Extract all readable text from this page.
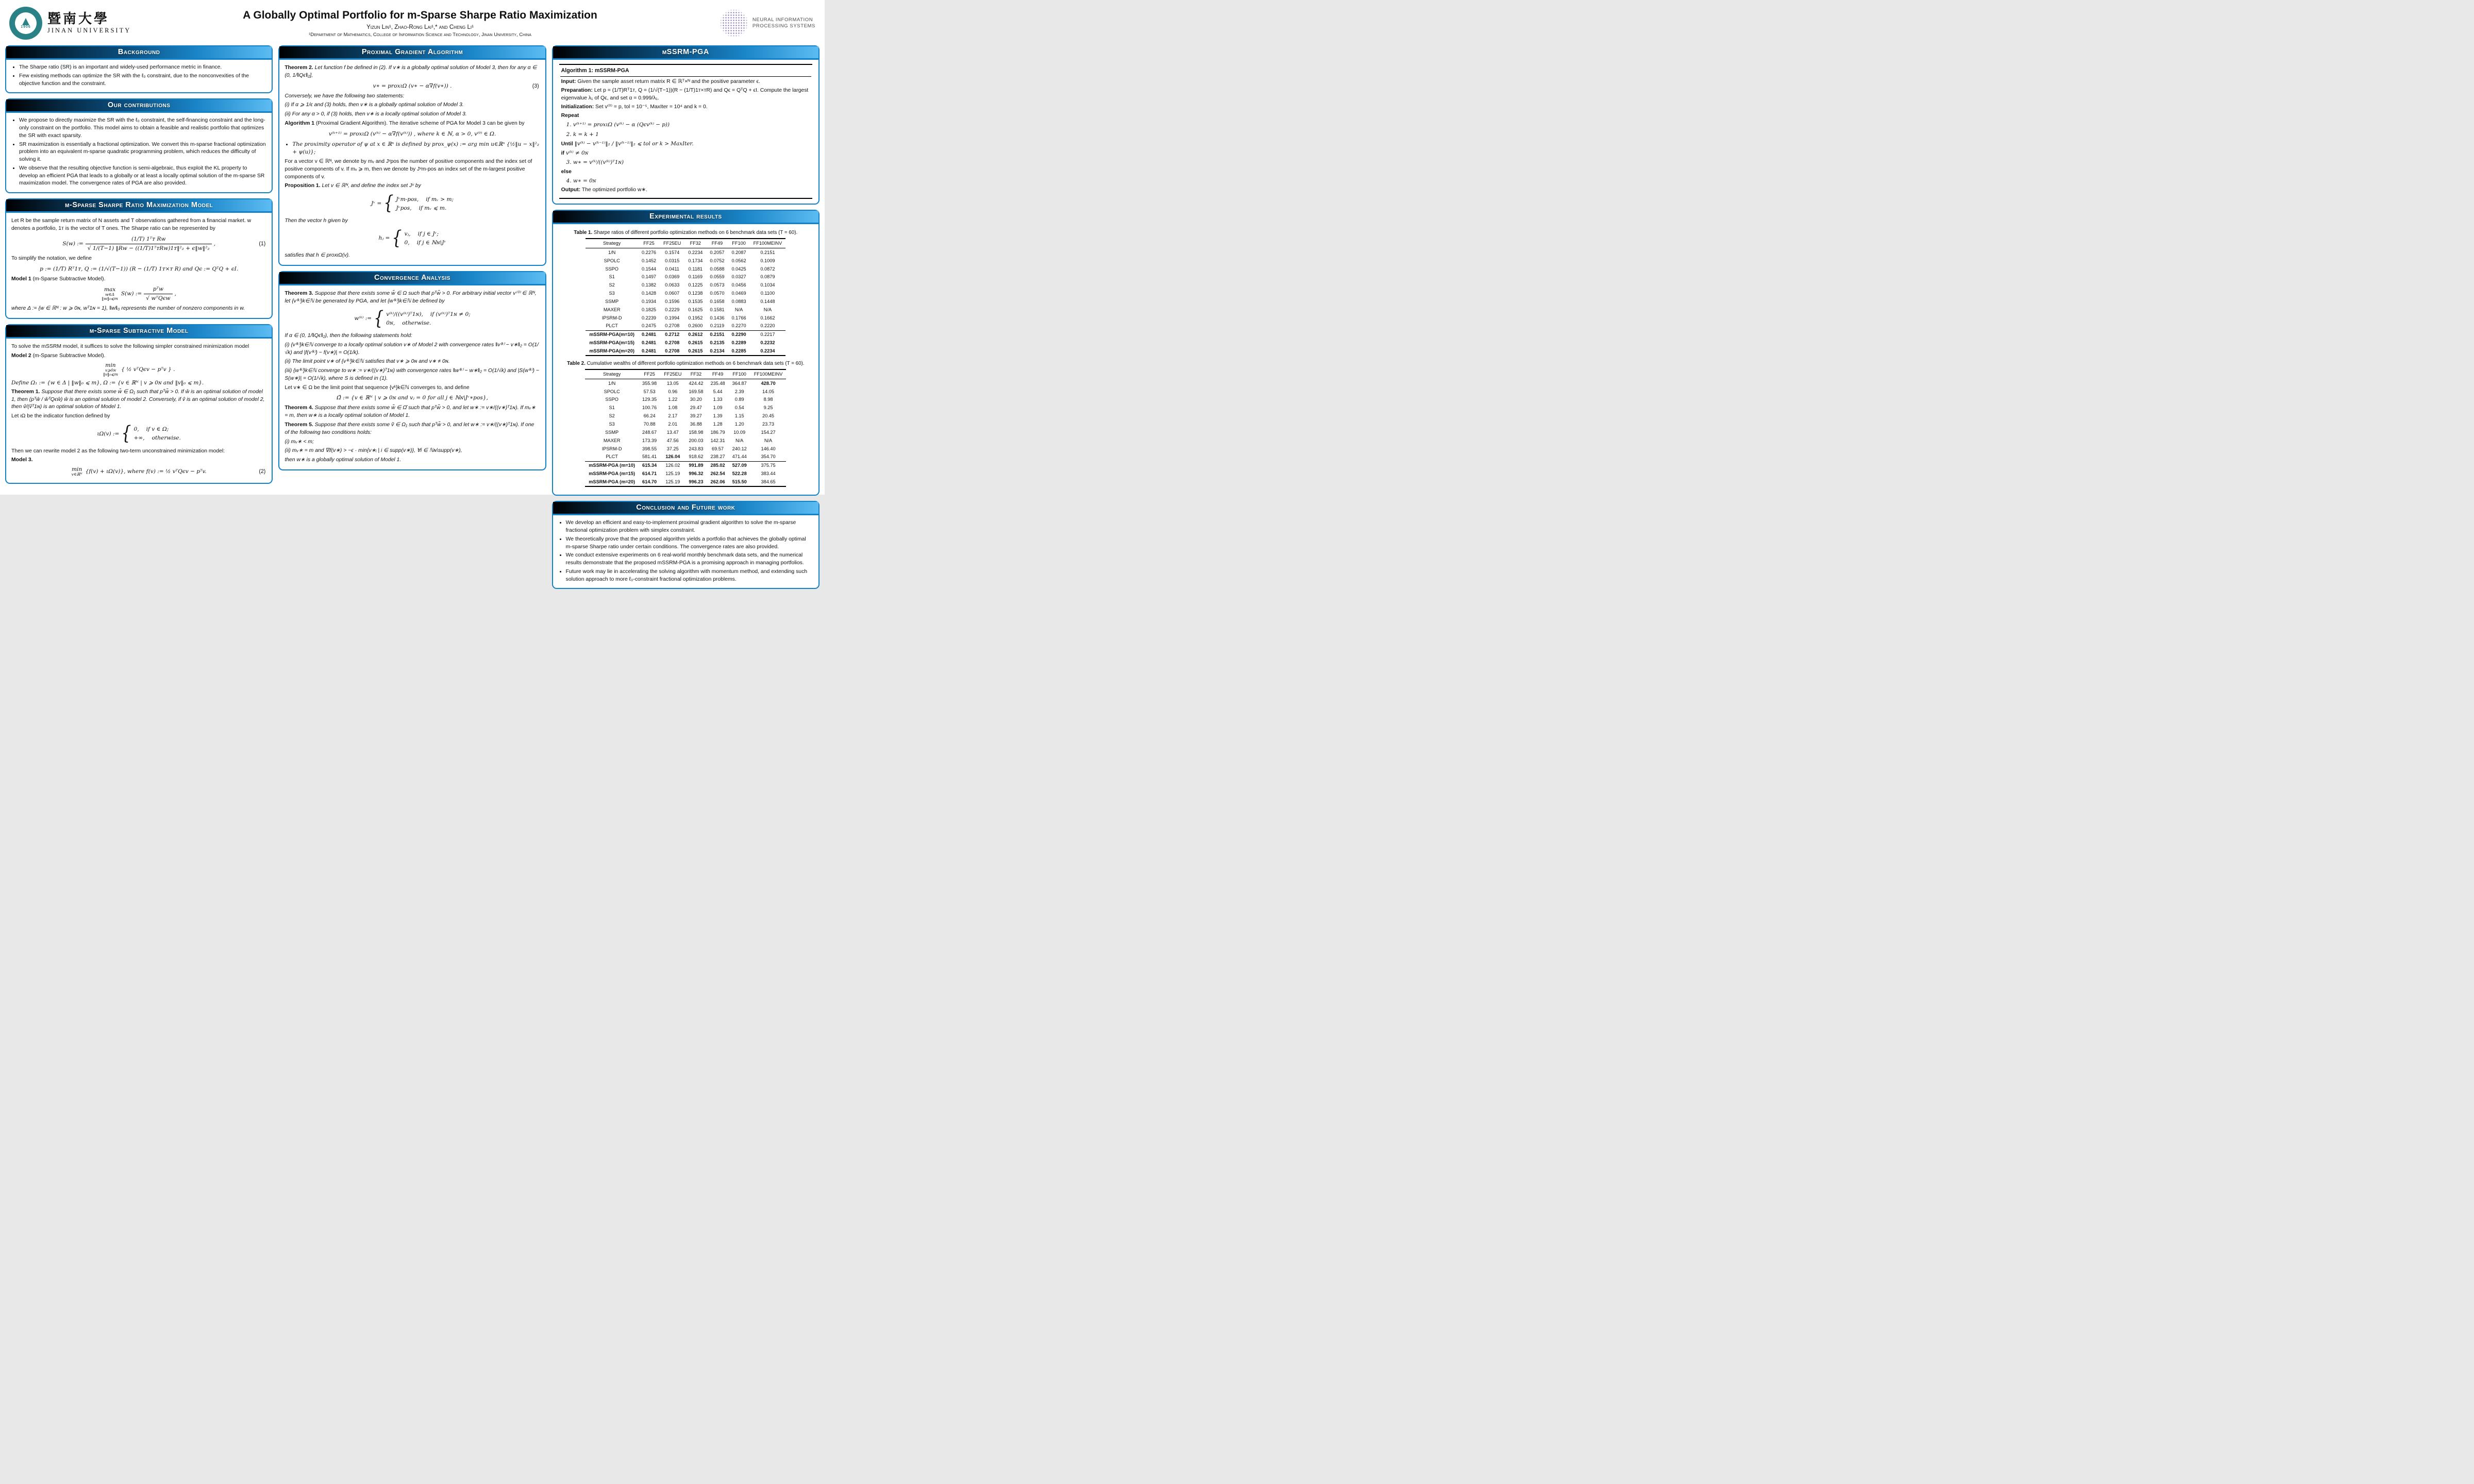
1906
暨南大學
JINAN UNIVERSITY

A Globally Optimal Portfolio for m-Sparse Sharpe Ratio Maximization

Yizun Lin¹, Zhao-Rong Lai¹,* and Cheng Li¹

¹Department of Mathematics, College of Information Science and Technology, Jinan University, China

NEURAL INFORMATION
PROCESSING SYSTEMS
Background
• The Sharpe ratio (SR) is an important and widely-used performance metric in finance.
• Few existing methods can optimize the SR with the ℓ₀ constraint, due to the nonconvexities of the objective function and the constraint.
Our contributions
• We propose to directly maximize the SR with the ℓ₀ constraint, the self-financing constraint and the long-only constraint on the portfolio. This model aims to obtain a feasible and realistic portfolio that optimizes the SR with exact sparsity.
• SR maximization is essentially a fractional optimization. We convert this m-sparse fractional optimization problem into an equivalent m-sparse quadratic programming problem, which reduces the difficulty of solving it.
• We observe that the resulting objective function is semi-algebraic, thus exploit the KL property to develop an efficient PGA that leads to a globally or at least a locally optimal solution of the m-sparse SR maximization model. The convergence rates of PGA are also provided.
m-Sparse Sharpe Ratio Maximization Model

Let R be the sample return matrix of N assets and T observations gathered from a financial market. w denotes a portfolio, 1ᴛ is the vector of T ones. The Sharpe ratio can be represented by

S(w) := $\frac{\text{(1/T) 1ᵀᴛ Rw}}{\text{√ 1/(T−1) ‖Rw − ((1/T)1ᵀᴛRw)1ᴛ‖²₂ + ϵ‖w‖²₂}}$ ,	(1)

To simplify the notation, we define

p := (1/T) Rᵀ1ᴛ, Q := (1/√(T−1)) (R − (1/T) 1ᴛ×ᴛ R) and Qϵ := QᵀQ + ϵI.

Model 1 (m-Sparse Subtractive Model).

max
w∈Δ
‖w‖₀⩽m
S(w) := $\frac{\text{pᵀw}}{\text{√ wᵀQϵw}}$ ,

where Δ := {w ∈ ℝᴺ : w ⩾ 0ɴ, wᵀ1ɴ = 1}, ‖w‖₀ represents the number of nonzero components in w.

m-Sparse Subtractive Model

To solve the mSSRM model, it suffices to solve the following simpler constrained minimization model

Model 2 (m-Sparse Subtractive Model).

min
v⩾0ɴ
‖v‖₀⩽m
{ ½ vᵀQϵv − pᵀv } .

Define Ω₁ := {w ∈ Δ | ‖w‖₀ ⩽ m}, Ω := {v ∈ ℝᴺ | v ⩾ 0ɴ and ‖v‖₀ ⩽ m}.

Theorem 1. Suppose that there exists some w̃ ∈ Ω₁ such that pᵀw̃ > 0. If ŵ is an optimal solution of model 1, then (pᵀŵ / ŵᵀQϵŵ) ŵ is an optimal solution of model 2. Conversely, if v̂ is an optimal solution of model 2, then v̂/(v̂ᵀ1ɴ) is an optimal solution of Model 1.

Let ιΩ be the indicator function defined by

ιΩ(v) := { 0, if v ∈ Ω;
+∞, otherwise.

Then we can rewrite model 2 as the following two-term unconstrained minimization model:

Model 3.

min
v∈ℝᴺ {f(v) + ιΩ(v)}, where f(v) := ½ vᵀQϵv − pᵀv.	(2)
Proximal Gradient Algorithm

Theorem 2. Let function f be defined in (2). If v∗ is a globally optimal solution of Model 3, then for any α ∈ (0, 1/‖Qϵ‖₂],

v∗ = proxιΩ (v∗ − α∇f(v∗)) .	(3)

Conversely, we have the following two statements:

(i) If α ⩾ 1/ϵ and (3) holds, then v∗ is a globally optimal solution of Model 3.

(ii) For any α > 0, if (3) holds, then v∗ is a locally optimal solution of Model 3.

Algorithm 1 (Proximal Gradient Algorithm). The iterative scheme of PGA for Model 3 can be given by

v⁽ᵏ⁺¹⁾ = proxιΩ (v⁽ᵏ⁾ − α∇f(v⁽ᵏ⁾)) , where k ∈ ℕ, α > 0, v⁽⁰⁾ ∈ Ω.
• The proximity operator of ψ at x ∈ ℝⁿ is defined by prox_ψ(x) := arg min u∈ℝⁿ {½‖u − x‖²₂ + ψ(u)};

For a vector v ∈ ℝᴺ, we denote by mᵥ and Jᵛpos the number of positive components and the index set of positive components of v. If mᵥ ⩾ m, then we denote by Jᵛm-pos an index set of the m-largest positive components of v.

Proposition 1. Let v ∈ ℝᴺ, and define the index set Jᵛ by

Jᵛ = { Jᵛm-pos, if mᵥ > m;
Jᵛpos, if mᵥ ⩽ m.

Then the vector h given by

hⱼ = { vⱼ, if j ∈ Jᵛ;
0, if j ∈ ℕɴ\Jᵛ

satisfies that h ∈ proxιΩ(v).

Convergence Analysis

Theorem 3. Suppose that there exists some w̃ ∈ Ω such that pᵀw̃ > 0. For arbitrary initial vector v⁽⁰⁾ ∈ ℝᴺ, let {v⁽ᵏ⁾}k∈ℕ be generated by PGA, and let {w⁽ᵏ⁾}k∈ℕ be defined by

w⁽ᵏ⁾ := { v⁽ᵏ⁾/((v⁽ᵏ⁾)ᵀ1ɴ), if (v⁽ᵏ⁾)ᵀ1ɴ ≠ 0;
0ɴ, otherwise.

If α ∈ (0, 1/‖Qϵ‖₂), then the following statements hold:

(i) {v⁽ᵏ⁾}k∈ℕ converge to a locally optimal solution v∗ of Model 2 with convergence rates ‖v⁽ᵏ⁾ − v∗‖₂ = O(1/√k) and |f(v⁽ᵏ⁾) − f(v∗)| = O(1/k).

(ii) The limit point v∗ of {v⁽ᵏ⁾}k∈ℕ satisfies that v∗ ⩾ 0ɴ and v∗ ≠ 0ɴ.

(iii) {w⁽ᵏ⁾}k∈ℕ converge to w∗ := v∗/((v∗)ᵀ1ɴ) with convergence rates ‖w⁽ᵏ⁾ − w∗‖₂ = O(1/√k) and |S(w⁽ᵏ⁾) − S(w∗)| = O(1/√k), where S is defined in (1).

Let v∗ ∈ Ω be the limit point that sequence {vᵏ}k∈ℕ converges to, and define

Ω̂ := {v ∈ ℝᴺ | v ⩾ 0ɴ and vⱼ = 0 for all j ∈ ℕɴ\Jᵛ∗pos},

Theorem 4. Suppose that there exists some w̃ ∈ Ω̂ such that pᵀw̃ > 0, and let w∗ := v∗/((v∗)ᵀ1ɴ). If mᵥ∗ = m, then w∗ is a locally optimal solution of Model 1.

Theorem 5. Suppose that there exists some ṽ ∈ Ω₁ such that pᵀw̃ > 0, and let w∗ := v∗/((v∗)ᵀ1ɴ). If one of the following two conditions holds:

(i) mᵥ∗ < m;

(ii) mᵥ∗ = m and ∇ᵢf(v∗) > −ϵ · min{v∗ᵢ | i ∈ supp(v∗)}, ∀i ∈ ℕɴ\supp(v∗),

then w∗ is a globally optimal solution of Model 1.

mSSRM-PGA
Algorithm 1: mSSRM-PGA
Input: Given the sample asset return matrix R ∈ ℝᵀ×ᴺ and the positive parameter ϵ.
Preparation: Let p = (1/T)Rᵀ1ᴛ, Q = (1/√(T−1))(R − (1/T)1ᴛ×ᴛR) and Qϵ = QᵀQ + ϵI. Compute the largest eigenvalue λ₁ of Qϵ, and set α = 0.999/λ₁.
Initialization: Set v⁽⁰⁾ = p, tol = 10⁻⁵, MaxIter = 10⁴ and k = 0.
Repeat
1. v⁽ᵏ⁺¹⁾ = proxιΩ (v⁽ᵏ⁾ − α (Qϵv⁽ᵏ⁾ − p))
2. k = k + 1
Until ‖v⁽ᵏ⁾ − v⁽ᵏ⁻¹⁾‖₂ / ‖v⁽ᵏ⁻¹⁾‖₂ ⩽ tol or k > MaxIter.
if v⁽ᵏ⁾ ≠ 0ɴ
3. w∗ = v⁽ᵏ⁾/((v⁽ᵏ⁾)ᵀ1ɴ)
else
4. w∗ = 0ɴ
Output: The optimized portfolio w∗.
Experimental results
Table 1. Sharpe ratios of different portfolio optimization methods on 6 benchmark data sets (T = 60).
Strategy	FF25	FF25EU	FF32	FF49	FF100	FF100MEINV
1/N	0.2276	0.1574	0.2234	0.2057	0.2087	0.2151
SPOLC	0.1452	0.0315	0.1734	0.0752	0.0562	0.1009
SSPO	0.1544	0.0411	0.1181	0.0588	0.0425	0.0872
S1	0.1497	0.0369	0.1169	0.0559	0.0327	0.0879
S2	0.1382	0.0633	0.1225	0.0573	0.0456	0.1034
S3	0.1428	0.0607	0.1238	0.0570	0.0469	0.1100
SSMP	0.1934	0.1596	0.1535	0.1658	0.0883	0.1448
MAXER	0.1825	0.2229	0.1625	0.1581	N/A	N/A
IPSRM-D	0.2239	0.1994	0.1952	0.1436	0.1766	0.1662
PLCT	0.2475	0.2708	0.2600	0.2119	0.2270	0.2220
mSSRM-PGA(m=10)	0.2481	0.2712	0.2612	0.2151	0.2290	0.2217
mSSRM-PGA(m=15)	0.2481	0.2708	0.2615	0.2135	0.2289	0.2232
mSSRM-PGA(m=20)	0.2481	0.2708	0.2615	0.2134	0.2285	0.2234
Table 2. Cumulative wealths of different portfolio optimization methods on 6 benchmark data sets (T = 60).
Strategy	FF25	FF25EU	FF32	FF49	FF100	FF100MEINV
1/N	355.98	13.05	424.42	235.48	364.87	428.70
SPOLC	57.53	0.96	169.58	5.44	2.39	14.05
SSPO	129.35	1.22	30.20	1.33	0.89	8.98
S1	100.76	1.08	29.47	1.09	0.54	9.25
S2	66.24	2.17	39.27	1.39	1.15	20.45
S3	70.88	2.01	36.88	1.28	1.20	23.73
SSMP	248.67	13.47	158.98	186.79	10.09	154.27
MAXER	173.39	47.56	200.03	142.31	N/A	N/A
IPSRM-D	398.55	37.25	243.83	69.57	240.12	146.40
PLCT	581.41	126.04	918.62	238.27	471.44	354.70
mSSRM-PGA (m=10)	615.34	126.02	991.89	285.02	527.09	375.75
mSSRM-PGA (m=15)	614.71	125.19	996.32	262.54	522.28	383.44
mSSRM-PGA (m=20)	614.70	125.19	996.23	262.06	515.50	384.65
Conclusion and Future work
• We develop an efficient and easy-to-implement proximal gradient algorithm to solve the m-sparse fractional optimization problem with simplex constraint.
• We theoretically prove that the proposed algorithm yields a portfolio that achieves the globally optimal m-sparse Sharpe ratio under certain conditions. The convergence rates are also provided.
• We conduct extensive experiments on 6 real-world monthly benchmark data sets, and the numerical results demonstrate that the proposed mSSRM-PGA is a promising approach in managing portfolios.
• Future work may lie in accelerating the solving algorithm with momentum method, and extending such solution approach to more ℓ₀-constraint fractional optimization problems.
